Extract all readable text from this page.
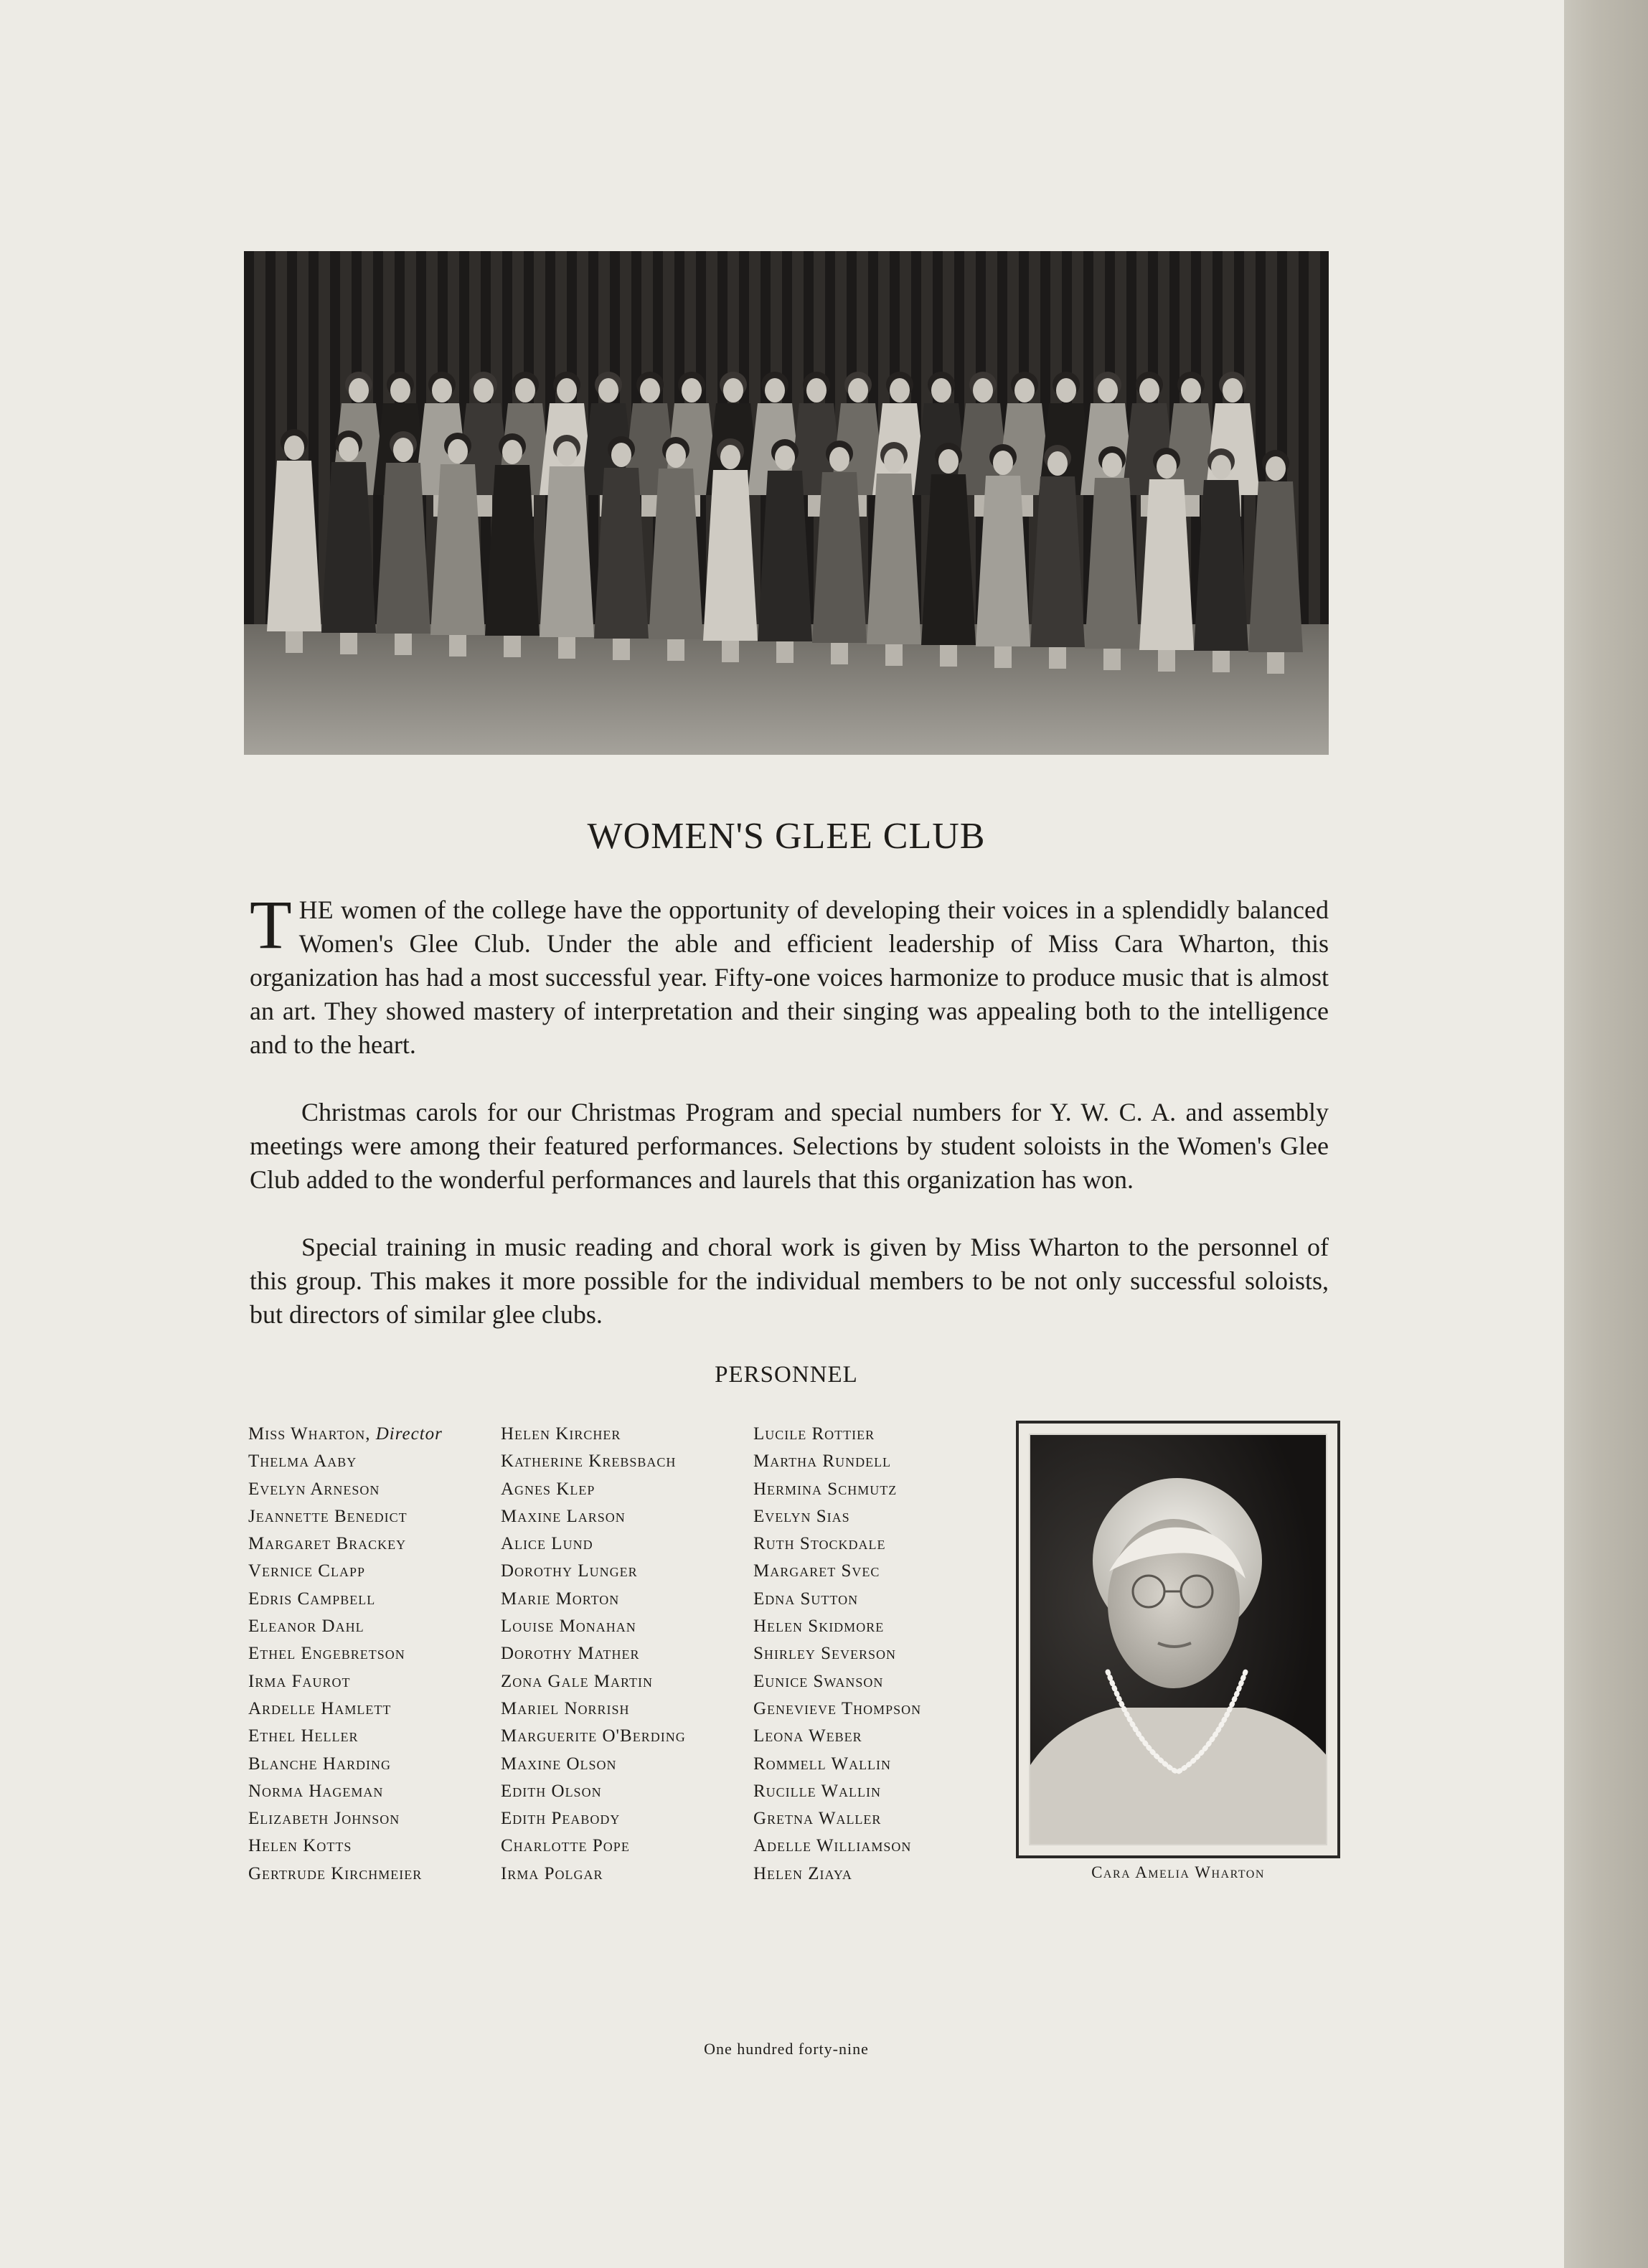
WOMEN'S GLEE CLUB

THE women of the college have the opportunity of developing their voices in a splendidly balanced Women's Glee Club. Under the able and efficient leadership of Miss Cara Wharton, this organization has had a most successful year. Fifty-one voices harmonize to produce music that is almost an art. They showed mastery of interpretation and their singing was appealing both to the intelligence and to the heart.

Christmas carols for our Christmas Program and special numbers for Y. W. C. A. and assembly meetings were among their featured performances. Selections by student soloists in the Women's Glee Club added to the wonderful performances and laurels that this organization has won.

Special training in music reading and choral work is given by Miss Wharton to the personnel of this group. This makes it more possible for the individual members to be not only successful soloists, but directors of similar glee clubs.

PERSONNEL
Miss Wharton, Director
Thelma Aaby
Evelyn Arneson
Jeannette Benedict
Margaret Brackey
Vernice Clapp
Edris Campbell
Eleanor Dahl
Ethel Engebretson
Irma Faurot
Ardelle Hamlett
Ethel Heller
Blanche Harding
Norma Hageman
Elizabeth Johnson
Helen Kotts
Gertrude Kirchmeier
Helen Kircher
Katherine Krebsbach
Agnes Klep
Maxine Larson
Alice Lund
Dorothy Lunger
Marie Morton
Louise Monahan
Dorothy Mather
Zona Gale Martin
Mariel Norrish
Marguerite O'Berding
Maxine Olson
Edith Olson
Edith Peabody
Charlotte Pope
Irma Polgar
Lucile Rottier
Martha Rundell
Hermina Schmutz
Evelyn Sias
Ruth Stockdale
Margaret Svec
Edna Sutton
Helen Skidmore
Shirley Severson
Eunice Swanson
Genevieve Thompson
Leona Weber
Rommell Wallin
Rucille Wallin
Gretna Waller
Adelle Williamson
Helen Ziaya	Cara Amelia Wharton
One hundred forty-nine
